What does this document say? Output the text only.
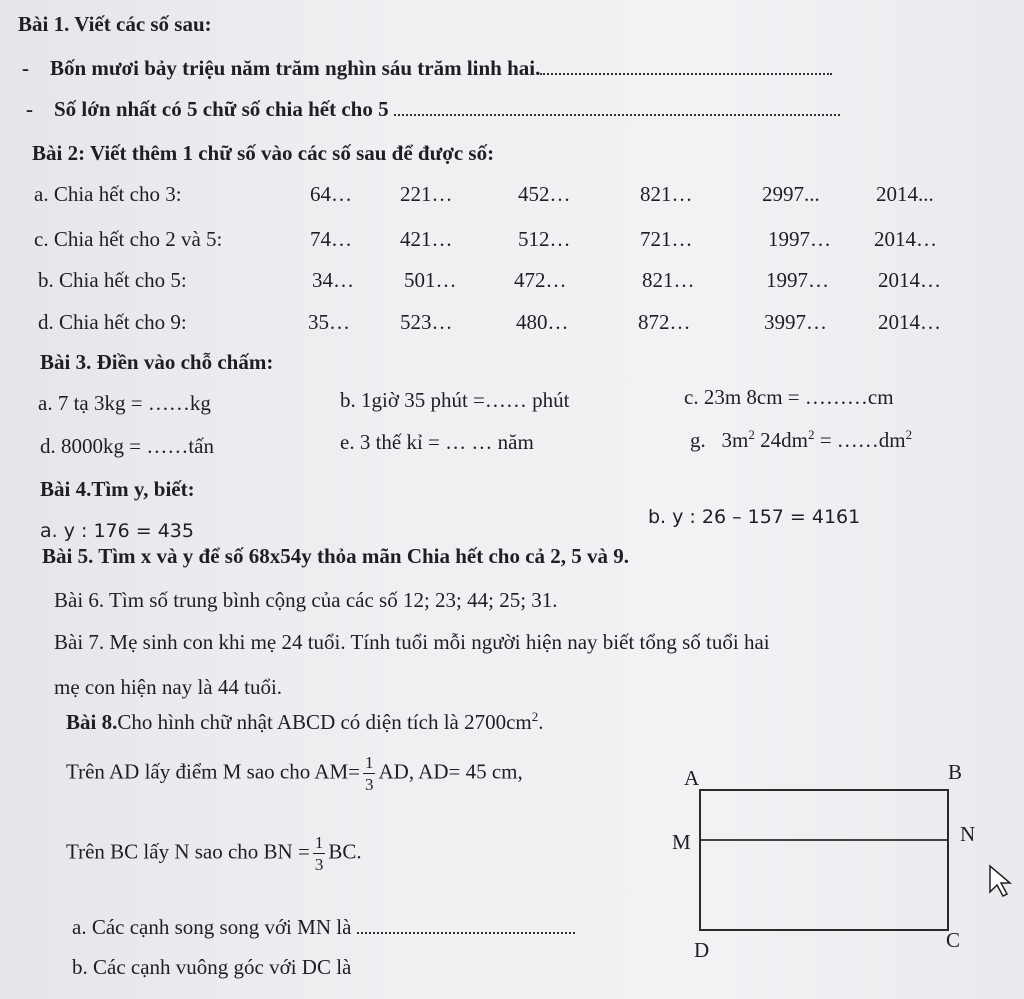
Bài 1. Viết các số sau:
-    Bốn mươi bảy triệu năm trăm nghìn sáu trăm linh hai.
-    Số lớn nhất có 5 chữ số chia hết cho 5
Bài 2: Viết thêm 1 chữ số vào các số sau để được số:
a. Chia hết cho 3:	64… 221…	452…	821…	2997...	2014...
c. Chia hết cho 2 và 5:	74… 421…	512…	721…	1997… 2014…
b. Chia hết cho 5:	34… 501…	472…	821…	1997… 2014…
d. Chia hết cho 9:	35… 523…	480…	872…	3997… 2014…
Bài 3. Điền vào chỗ chấm:
a. 7 tạ 3kg = ……kg	b. 1giờ 35 phút =…… phút	c. 23m 8cm = ………cm
d. 8000kg = ……tấn	e. 3 thế kỉ = … … năm	g. $3m^2$ $24dm^2$ = $\dots\dots dm^2$
Bài 4.Tìm y, biết:
a. y : 176 = 435
b. y : 26 – 157 = 4161
Bài 5. Tìm x và y để số 68x54y thỏa mãn Chia hết cho cả 2, 5 và 9.
Bài 6. Tìm số trung bình cộng của các số 12; 23; 44; 25; 31.
Bài 7. Mẹ sinh con khi mẹ 24 tuổi. Tính tuổi mỗi người hiện nay biết tổng số tuổi hai
mẹ con hiện nay là 44 tuổi.
Bài 8.Cho hình chữ nhật ABCD có diện tích là $2700cm^2$.
Trên AD lấy điểm M sao cho $AM= \frac{1}{3}$ AD, AD= 45 cm,
Trên BC lấy N sao cho BN = $\frac{1}{3}$ BC.
a. Các cạnh song song với MN là
b. Các cạnh vuông góc với DC là
A	B
M	N
D	C
